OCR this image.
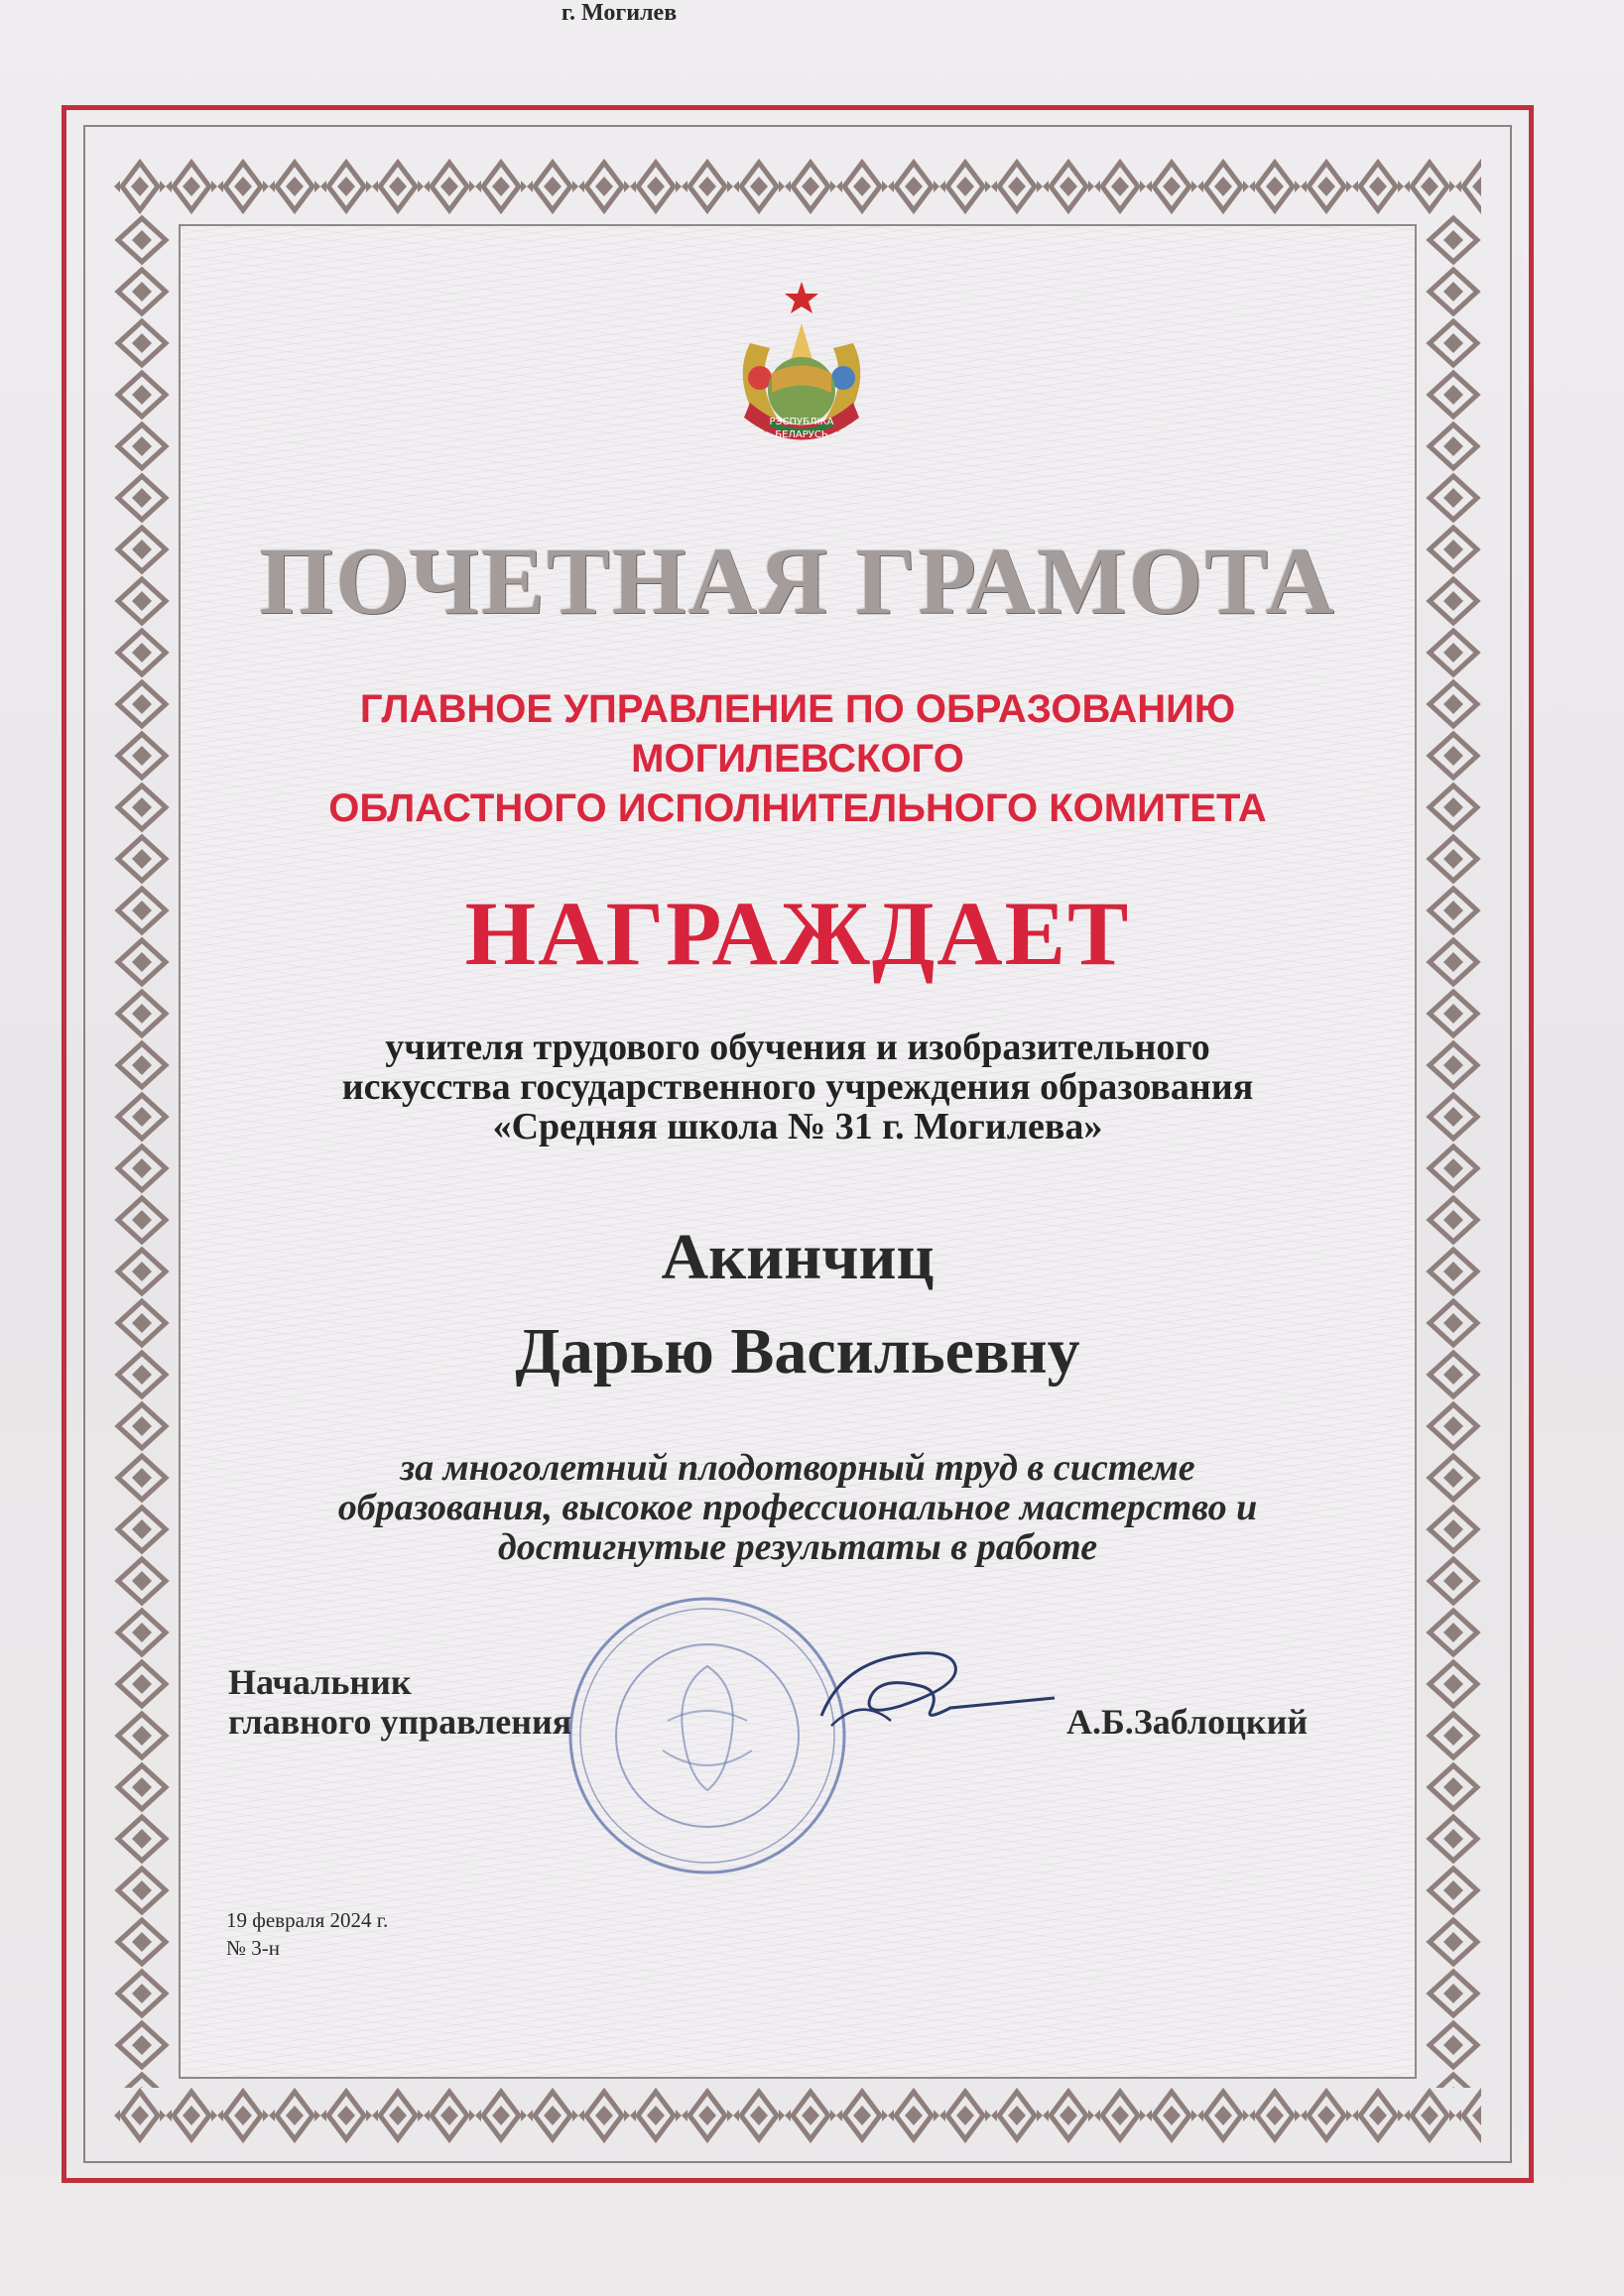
РЭСПУБЛІКА
БЕЛАРУСЬ
ПОЧЕТНАЯ ГРАМОТА
ГЛАВНОЕ УПРАВЛЕНИЕ ПО ОБРАЗОВАНИЮ
МОГИЛЕВСКОГО
ОБЛАСТНОГО ИСПОЛНИТЕЛЬНОГО КОМИТЕТА
НАГРАЖДАЕТ
учителя трудового обучения и изобразительного
искусства государственного учреждения образования
«Средняя школа № 31 г. Могилева»
Акинчиц
Дарью Васильевну
за многолетний плодотворный труд в системе
образования, высокое профессиональное мастерство и
достигнутые результаты в работе
Начальник
главного управления	А.Б.Заблоцкий
19 февраля 2024 г.
№ 3-н
г. Могилев
